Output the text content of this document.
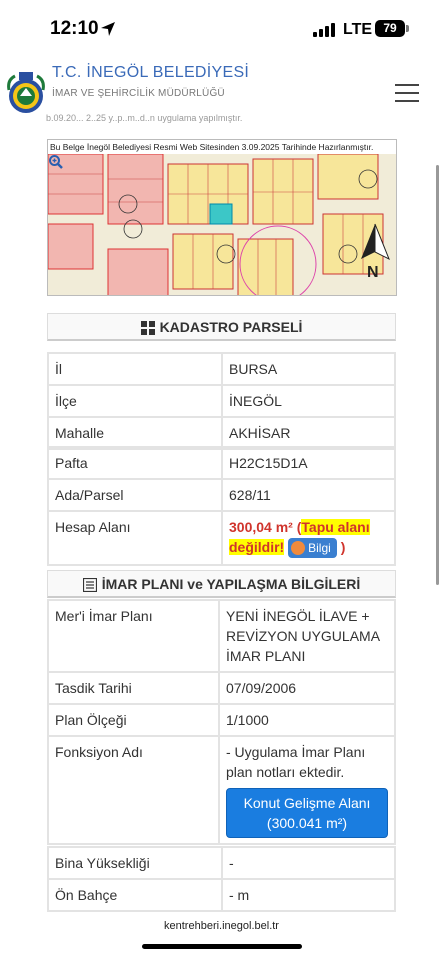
12:10	LTE 79
T.C. İNEGÖL BELEDİYESİ
İMAR VE ŞEHİRCİLİK MÜDÜRLÜĞÜ
b.09.20... 2..25 y..p..m..d..n uygulama yapılmıştır.
Bu Belge İnegöl Belediyesi Resmi Web Sitesinden 3.09.2025 Tarihinde Hazırlanmıştır.
N
KADASTRO PARSELİ
İl	BURSA
İlçe	İNEGÖL
Mahalle	AKHİSAR
Pafta	H22C15D1A
Ada/Parsel	628/11
Hesap Alanı	300,04 m² (Tapu alanı değildir! Bilgi )
İMAR PLANI ve YAPILAŞMA BİLGİLERİ
Mer'i İmar Planı	YENİ İNEGÖL İLAVE + REVİZYON UYGULAMA İMAR PLANI
Tasdik Tarihi	07/09/2006
Plan Ölçeği	1/1000
Fonksiyon Adı	- Uygulama İmar Planı plan notları ektedir.
Konut Gelişme Alanı (300.041 m²)
Bina Yüksekliği	-
Ön Bahçe	- m
kentrehberi.inegol.bel.tr
